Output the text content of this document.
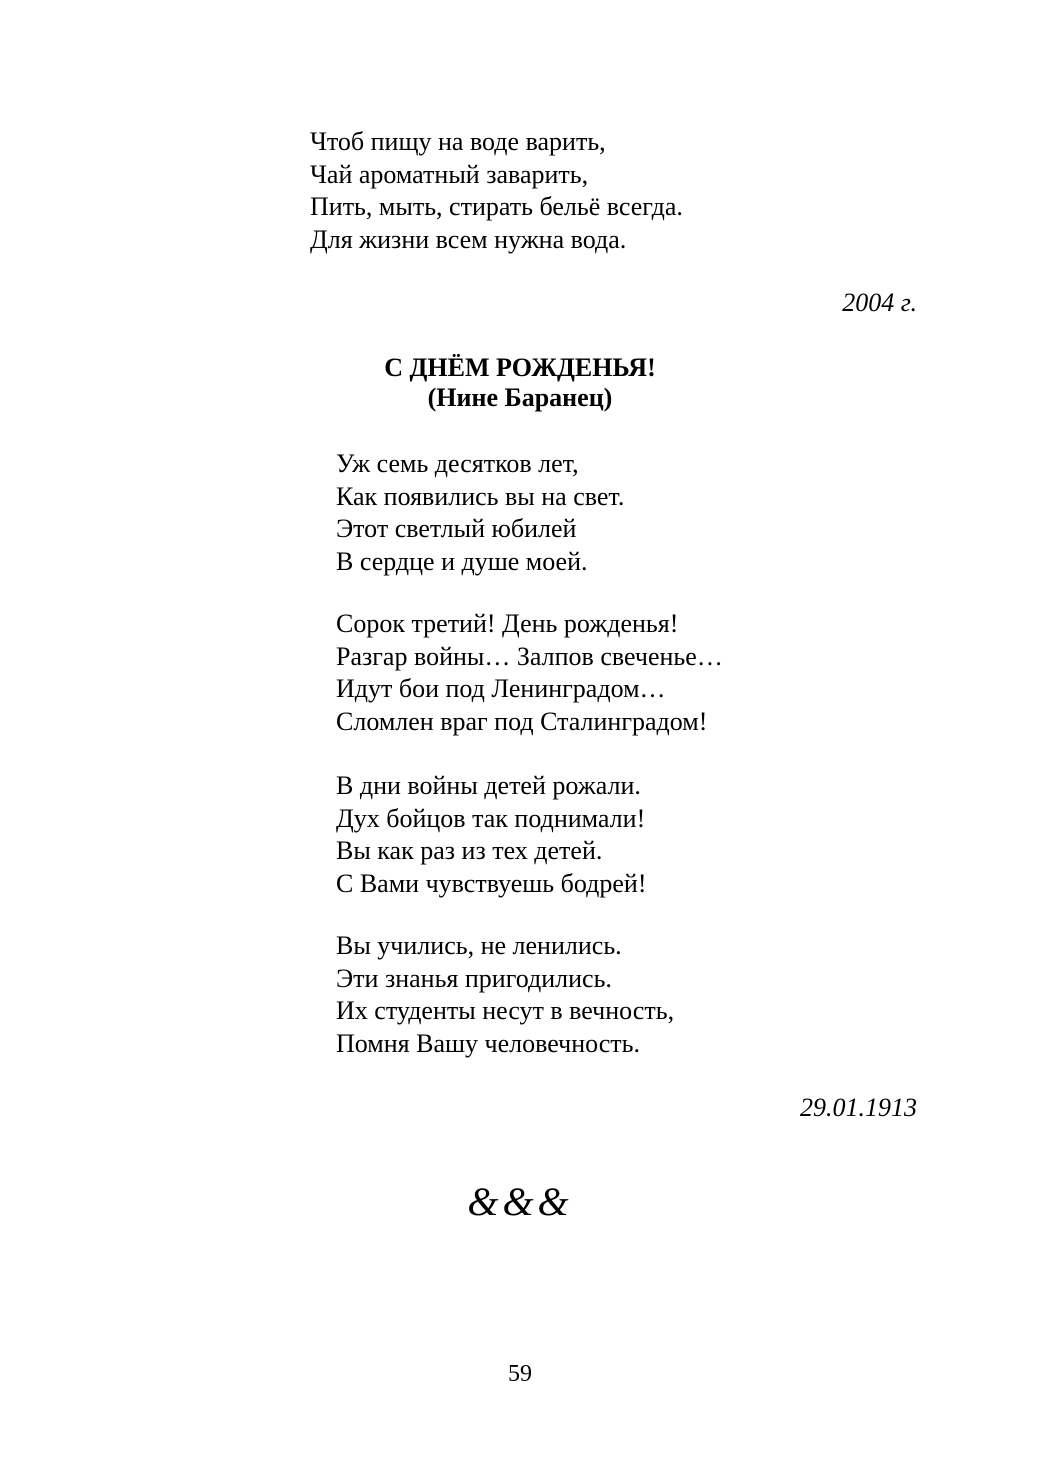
Чтоб пищу на воде варить,
Чай ароматный заварить,
Пить, мыть, стирать бельё всегда.
Для жизни всем нужна вода.
2004 г.
С ДНЁМ РОЖДЕНЬЯ!
(Нине Баранец)
Уж семь десятков лет,
Как появились вы на свет.
Этот светлый юбилей
В сердце и душе моей.
Сорок третий! День рожденья!
Разгар войны… Залпов свеченье…
Идут бои под Ленинградом…
Сломлен враг под Сталинградом!
В дни войны детей рожали.
Дух бойцов так поднимали!
Вы как раз из тех детей.
С Вами чувствуешь бодрей!
Вы учились, не ленились.
Эти знанья пригодились.
Их студенты несут в вечность,
Помня Вашу человечность.
29.01.1913
&&&
59
